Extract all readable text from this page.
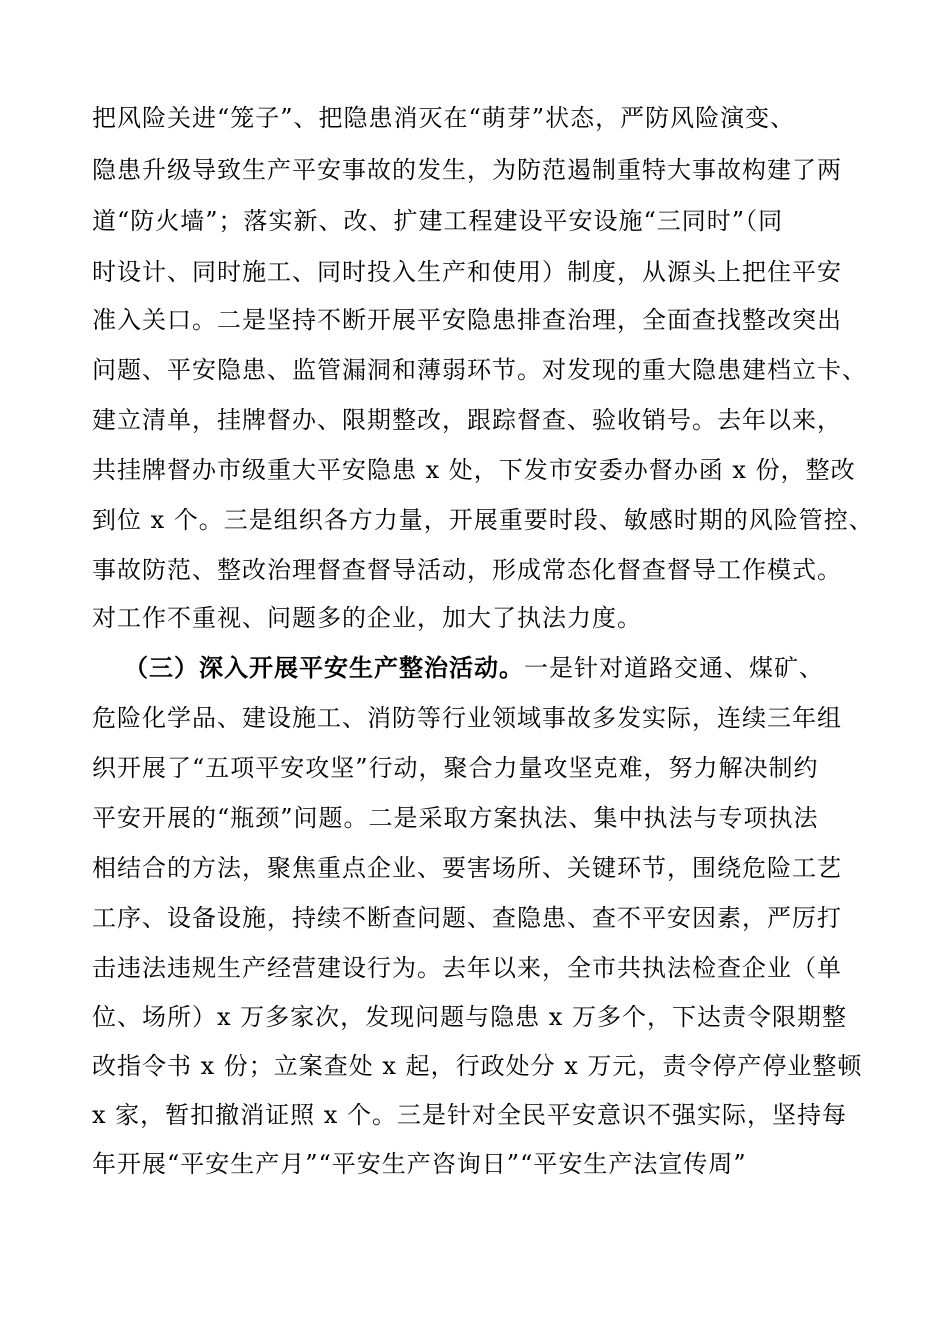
把风险关进“笼子”、把隐患消灭在“萌芽”状态，严防风险演变、
隐患升级导致生产平安事故的发生，为防范遏制重特大事故构建了两
道“防火墙”；落实新、改、扩建工程建设平安设施“三同时”（同
时设计、同时施工、同时投入生产和使用）制度，从源头上把住平安
准入关口。二是坚持不断开展平安隐患排查治理，全面查找整改突出
问题、平安隐患、监管漏洞和薄弱环节。对发现的重大隐患建档立卡、
建立清单，挂牌督办、限期整改，跟踪督查、验收销号。去年以来，
共挂牌督办市级重大平安隐患 x 处，下发市安委办督办函 x 份，整改
到位 x 个。三是组织各方力量，开展重要时段、敏感时期的风险管控、
事故防范、整改治理督查督导活动，形成常态化督查督导工作模式。
对工作不重视、问题多的企业，加大了执法力度。
（三）深入开展平安生产整治活动。一是针对道路交通、煤矿、
危险化学品、建设施工、消防等行业领域事故多发实际，连续三年组
织开展了“五项平安攻坚”行动，聚合力量攻坚克难，努力解决制约
平安开展的“瓶颈”问题。二是采取方案执法、集中执法与专项执法
相结合的方法，聚焦重点企业、要害场所、关键环节，围绕危险工艺
工序、设备设施，持续不断查问题、查隐患、查不平安因素，严厉打
击违法违规生产经营建设行为。去年以来，全市共执法检查企业（单
位、场所）x 万多家次，发现问题与隐患 x 万多个，下达责令限期整
改指令书 x 份；立案查处 x 起，行政处分 x 万元，责令停产停业整顿
x 家，暂扣撤消证照 x 个。三是针对全民平安意识不强实际，坚持每
年开展“平安生产月”“平安生产咨询日”“平安生产法宣传周”
